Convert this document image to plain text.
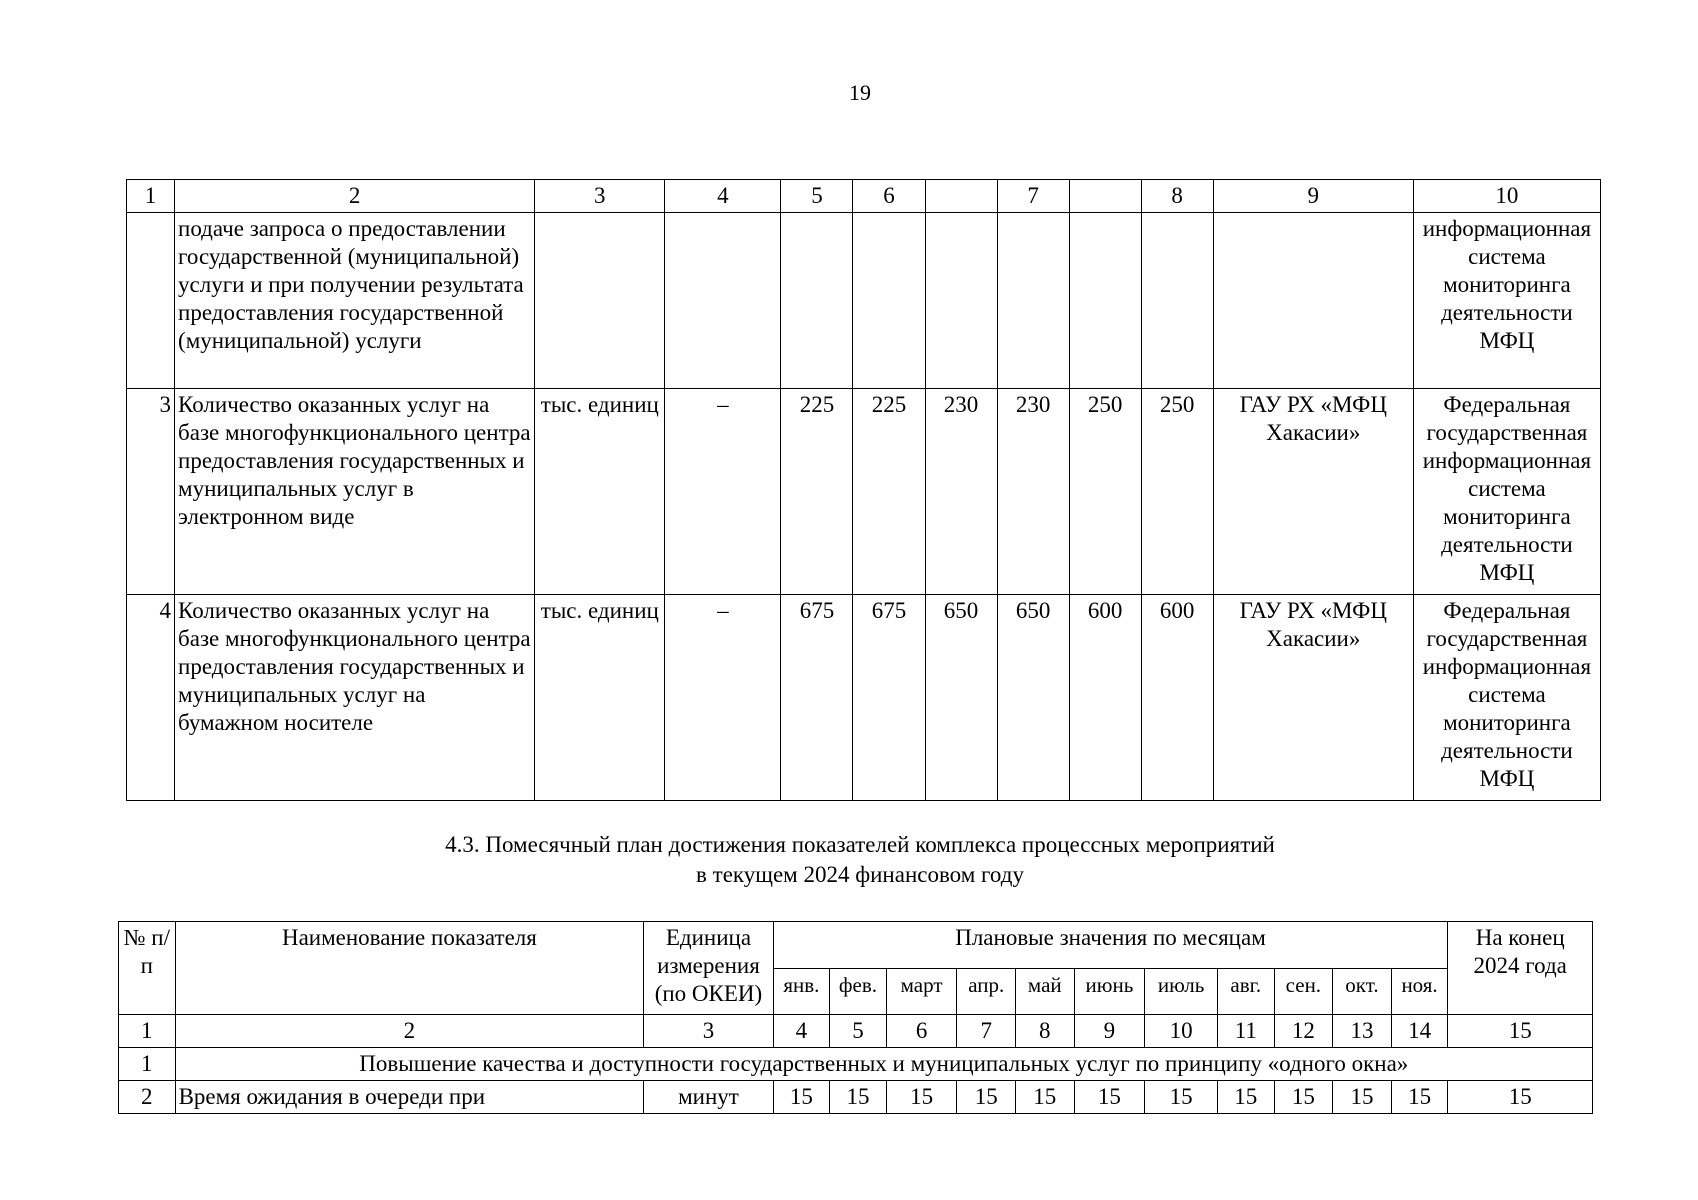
19
1	2	3	4	5	6		7		8	9	10
	подаче запроса о предоставлении государственной (муниципальной) услуги и при получении результата предоставления государственной (муниципальной) услуги										информационная система мониторинга деятельности МФЦ
3	Количество оказанных услуг на базе многофункционального центра предоставления государственных и муниципальных услуг в электронном виде	тыс. единиц	–	225	225	230	230	250	250	ГАУ РХ «МФЦ Хакасии»	Федеральная государственная информационная система мониторинга деятельности МФЦ
4	Количество оказанных услуг на базе многофункционального центра предоставления государственных и муниципальных услуг на бумажном носителе	тыс. единиц	–	675	675	650	650	600	600	ГАУ РХ «МФЦ Хакасии»	Федеральная государственная информационная система мониторинга деятельности МФЦ
4.3. Помесячный план достижения показателей комплекса процессных мероприятий
в текущем 2024 финансовом году
№ п/п	Наименование показателя	Единица измерения (по ОКЕИ)	Плановые значения по месяцам											На конец 2024 года
			янв.	фев.	март	апр.	май	июнь	июль	авг.	сен.	окт.	ноя.	
1	2	3	4	5	6	7	8	9	10	11	12	13	14	15
1	Повышение качества и доступности государственных и муниципальных услуг по принципу «одного окна»													
2	Время ожидания в очереди при	минут	15	15	15	15	15	15	15	15	15	15	15	15
